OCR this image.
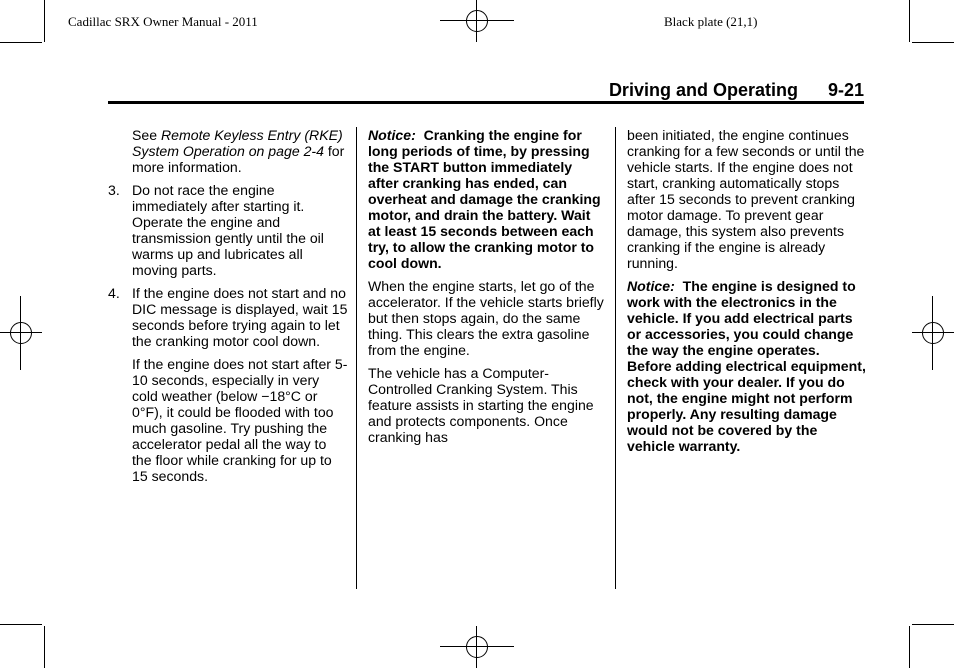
Cadillac SRX Owner Manual - 2011	Black plate (21,1)
Driving and Operating 9-21

See Remote Keyless Entry (RKE) System Operation on page 2-4 for more information.

3. Do not race the engine immediately after starting it. Operate the engine and transmission gently until the oil warms up and lubricates all moving parts.

4. If the engine does not start and no DIC message is displayed, wait 15 seconds before trying again to let the cranking motor cool down.

If the engine does not start after 5-10 seconds, especially in very cold weather (below −18°C or 0°F), it could be flooded with too much gasoline. Try pushing the accelerator pedal all the way to the floor while cranking for up to 15 seconds.

Notice: Cranking the engine for long periods of time, by pressing the START button immediately after cranking has ended, can overheat and damage the cranking motor, and drain the battery. Wait at least 15 seconds between each try, to allow the cranking motor to cool down.

When the engine starts, let go of the accelerator. If the vehicle starts briefly but then stops again, do the same thing. This clears the extra gasoline from the engine.

The vehicle has a Computer-Controlled Cranking System. This feature assists in starting the engine and protects components. Once cranking has

been initiated, the engine continues cranking for a few seconds or until the vehicle starts. If the engine does not start, cranking automatically stops after 15 seconds to prevent cranking motor damage. To prevent gear damage, this system also prevents cranking if the engine is already running.

Notice: The engine is designed to work with the electronics in the vehicle. If you add electrical parts or accessories, you could change the way the engine operates. Before adding electrical equipment, check with your dealer. If you do not, the engine might not perform properly. Any resulting damage would not be covered by the vehicle warranty.
